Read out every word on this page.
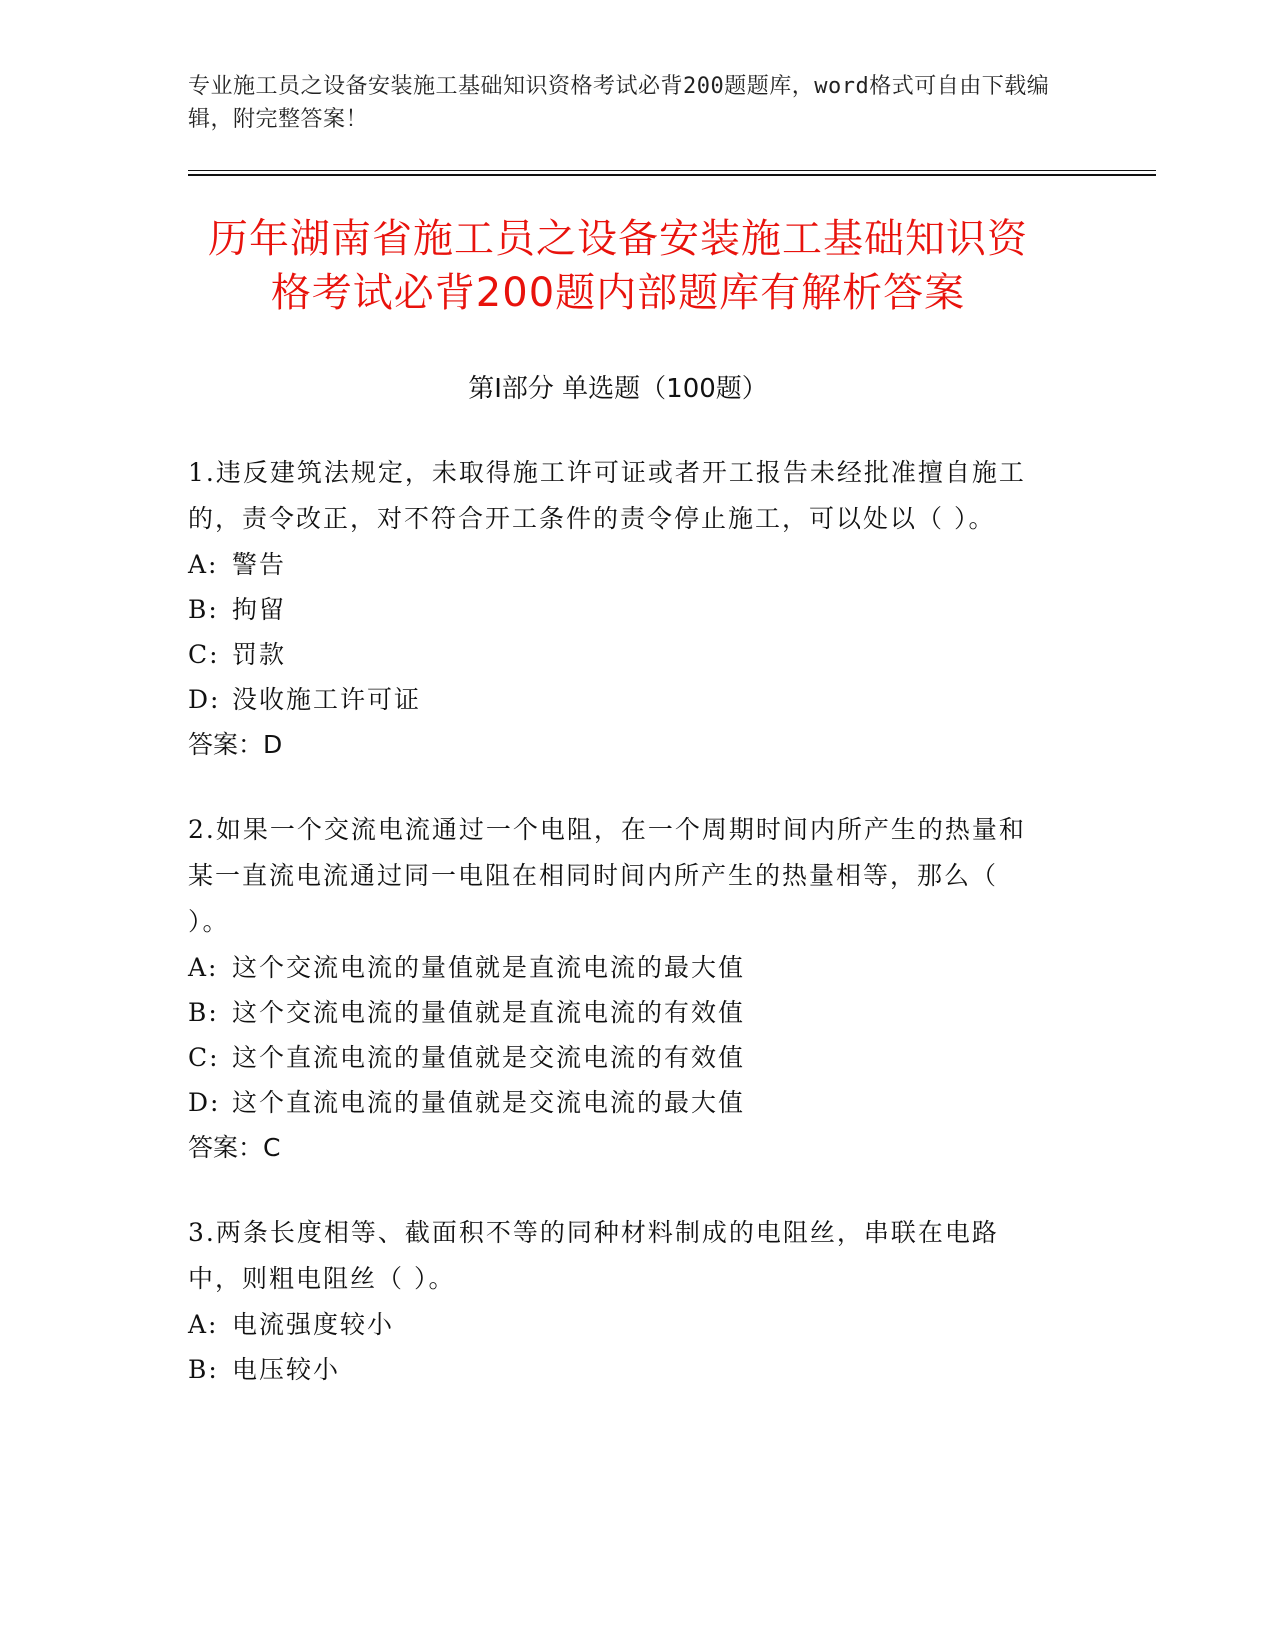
专业施工员之设备安装施工基础知识资格考试必背200题题库，word格式可自由下载编辑，附完整答案！
历年湖南省施工员之设备安装施工基础知识资格考试必背200题内部题库有解析答案
第Ⅰ部分 单选题（100题）
1.违反建筑法规定，未取得施工许可证或者开工报告未经批准擅自施工的，责令改正，对不符合开工条件的责令停止施工，可以处以（ ）。
A: 警告
B: 拘留
C: 罚款
D: 没收施工许可证
答案：D
2.如果一个交流电流通过一个电阻，在一个周期时间内所产生的热量和某一直流电流通过同一电阻在相同时间内所产生的热量相等，那么（ ）。
A: 这个交流电流的量值就是直流电流的最大值
B: 这个交流电流的量值就是直流电流的有效值
C: 这个直流电流的量值就是交流电流的有效值
D: 这个直流电流的量值就是交流电流的最大值
答案：C
3.两条长度相等、截面积不等的同种材料制成的电阻丝，串联在电路中，则粗电阻丝（ ）。
A: 电流强度较小
B: 电压较小
